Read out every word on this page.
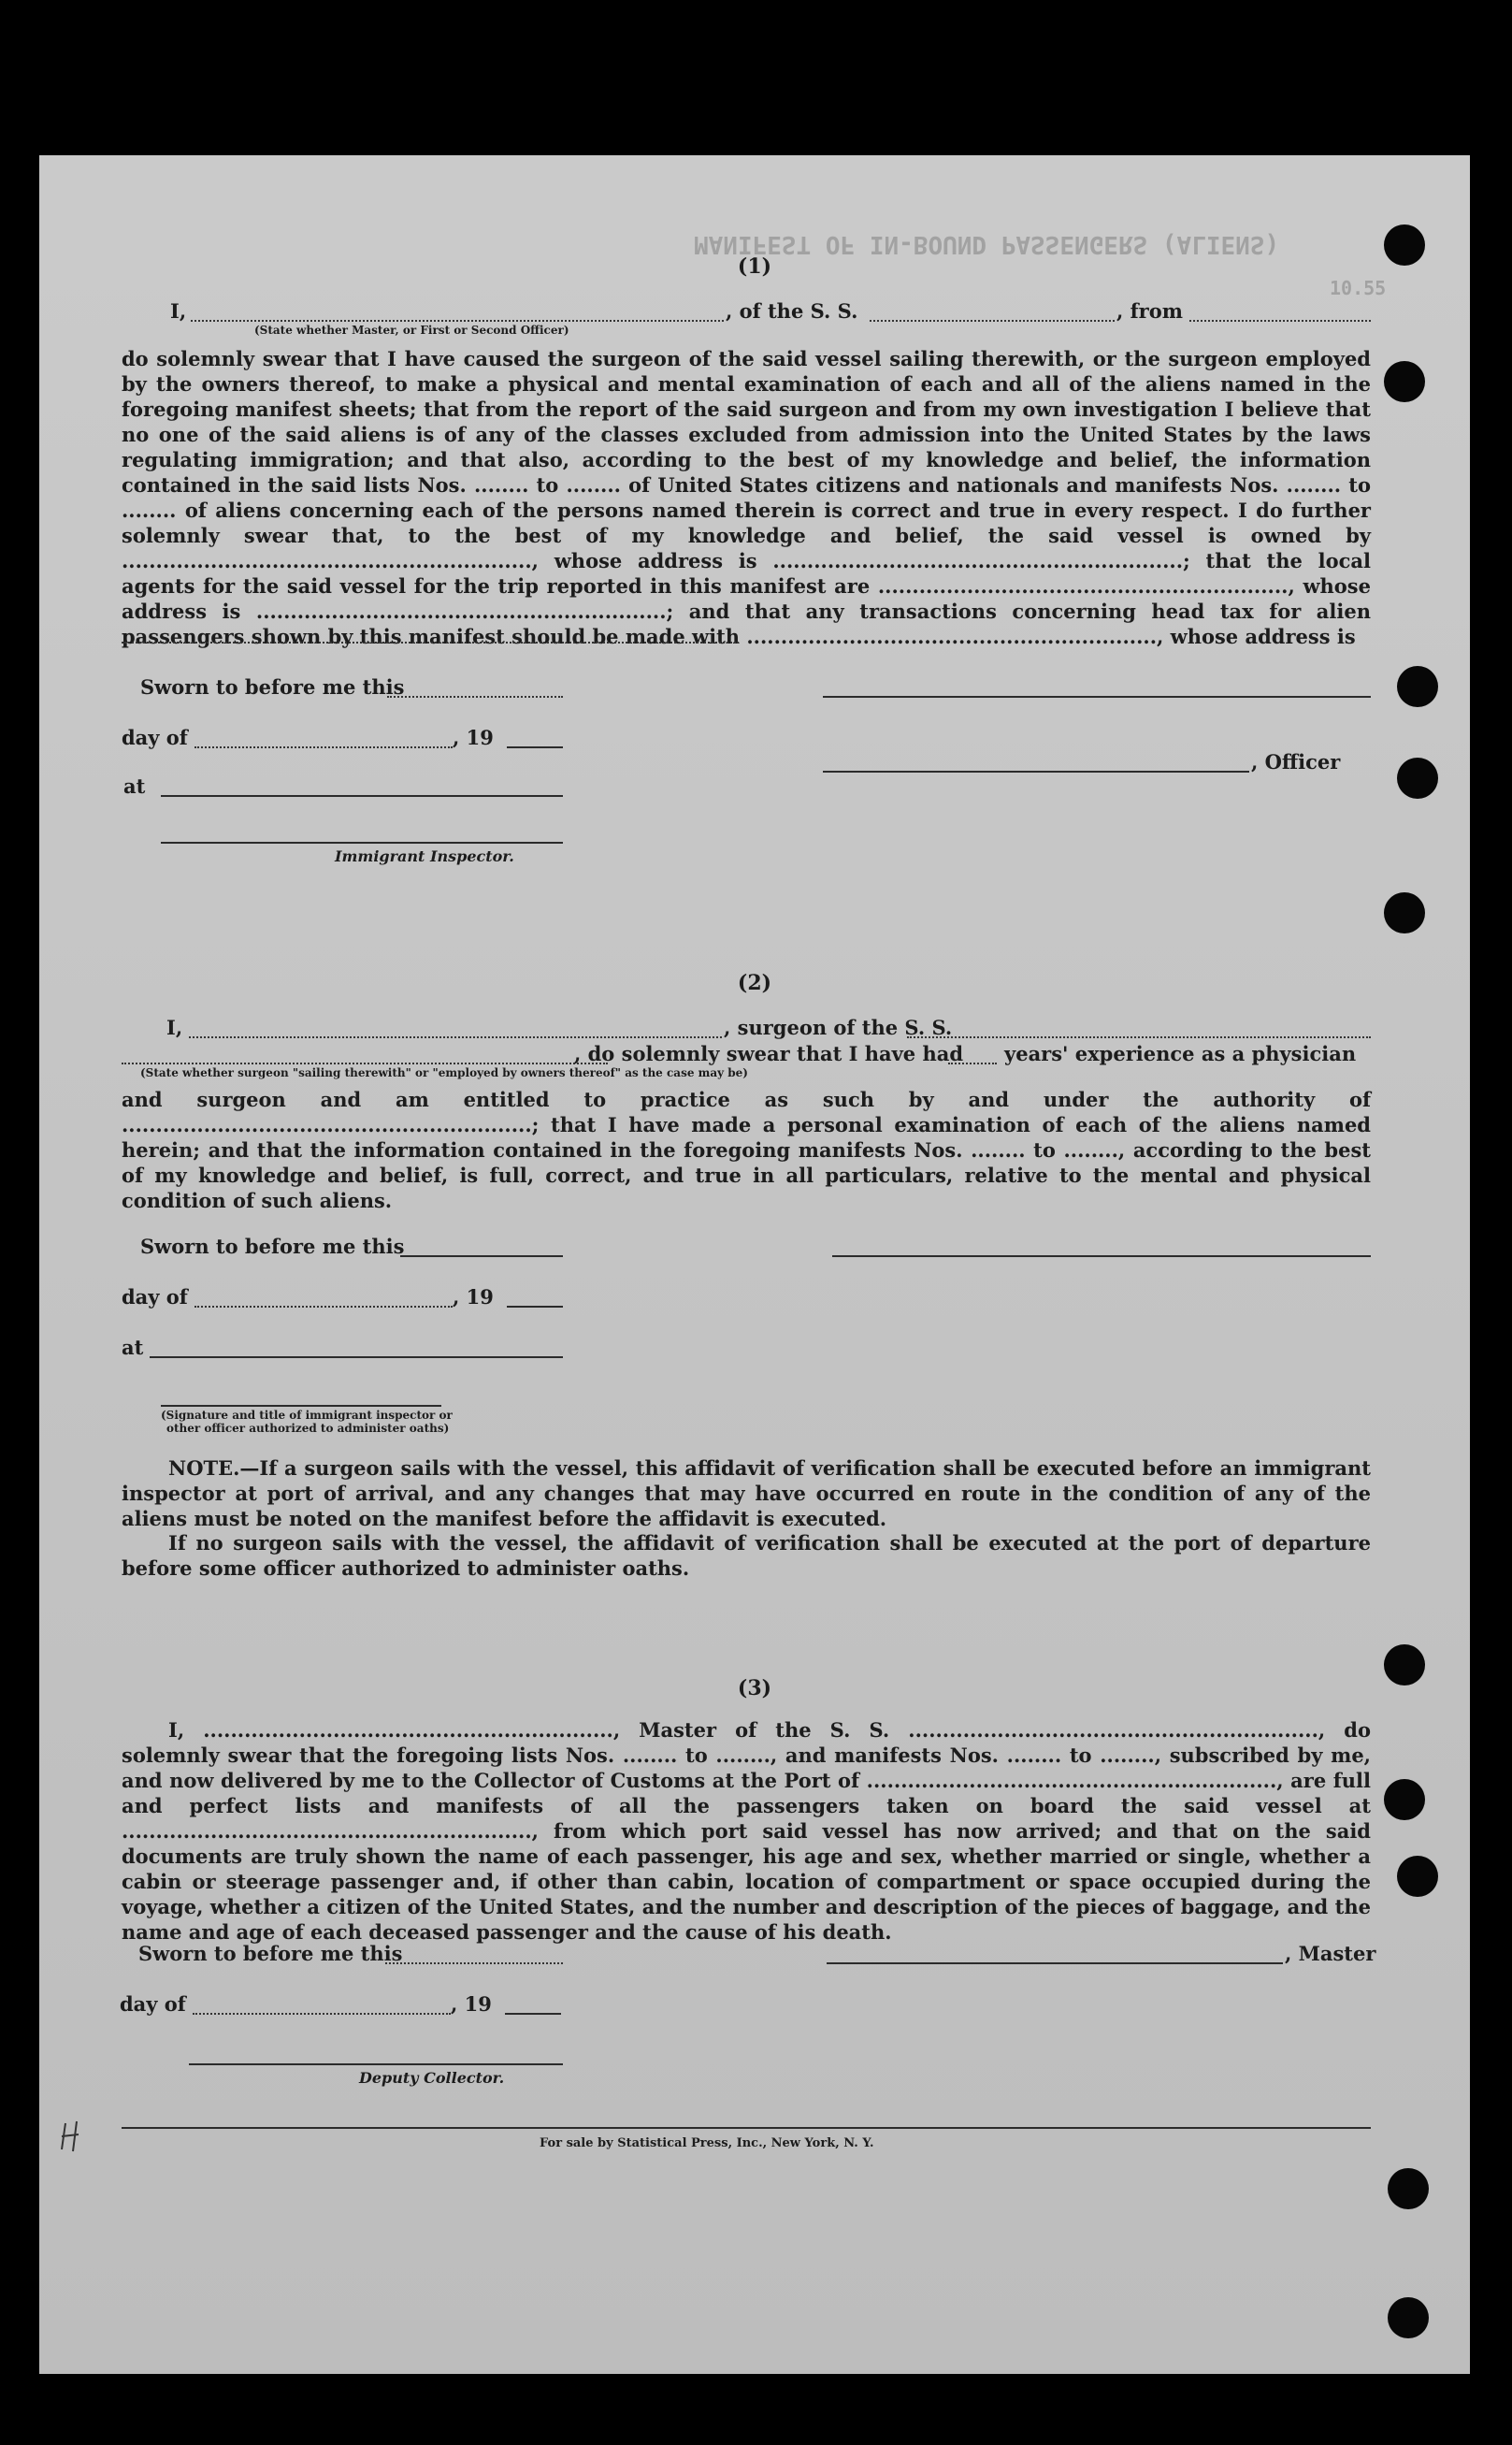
MANIFEST OF IN-BOUND PASSENGERS (ALIENS)
10.55
(1)
I,	, of the S. S.	, from
(State whether Master, or First or Second Officer)
do solemnly swear that I have caused the surgeon of the said vessel sailing therewith, or the surgeon employed by the owners thereof, to make a physical and mental examination of each and all of the aliens named in the foregoing manifest sheets; that from the report of the said surgeon and from my own investigation I believe that no one of the said aliens is of any of the classes excluded from admission into the United States by the laws regulating immigration; and that also, according to the best of my knowledge and belief, the information contained in the said lists Nos. ........ to ........ of United States citizens and nationals and manifests Nos. ........ to ........ of aliens concerning each of the persons named therein is correct and true in every respect. I do further solemnly swear that, to the best of my knowledge and belief, the said vessel is owned by ............................................................, whose address is ............................................................; that the local agents for the said vessel for the trip reported in this manifest are ............................................................, whose address is ............................................................; and that any transactions concerning head tax for alien passengers shown by this manifest should be made with ............................................................, whose address is
Sworn to before me this
day of	, 19
at
Immigrant Inspector.
, Officer
(2)
I,	, surgeon of the S. S.
, do solemnly swear that I have had years' experience as a physician
(State whether surgeon "sailing therewith" or "employed by owners thereof" as the case may be)
and surgeon and am entitled to practice as such by and under the authority of ............................................................; that I have made a personal examination of each of the aliens named herein; and that the information contained in the foregoing manifests Nos. ........ to ........, according to the best of my knowledge and belief, is full, correct, and true in all particulars, relative to the mental and physical condition of such aliens.
Sworn to before me this
day of	, 19
at
(Signature and title of immigrant inspector or
other officer authorized to administer oaths)
NOTE.—If a surgeon sails with the vessel, this affidavit of verification shall be executed before an immigrant inspector at port of arrival, and any changes that may have occurred en route in the condition of any of the aliens must be noted on the manifest before the affidavit is executed.
If no surgeon sails with the vessel, the affidavit of verification shall be executed at the port of departure before some officer authorized to administer oaths.
(3)
I, ............................................................, Master of the S. S. ............................................................, do solemnly swear that the foregoing lists Nos. ........ to ........, and manifests Nos. ........ to ........, subscribed by me, and now delivered by me to the Collector of Customs at the Port of ............................................................, are full and perfect lists and manifests of all the passengers taken on board the said vessel at ............................................................, from which port said vessel has now arrived; and that on the said documents are truly shown the name of each passenger, his age and sex, whether married or single, whether a cabin or steerage passenger and, if other than cabin, location of compartment or space occupied during the voyage, whether a citizen of the United States, and the number and description of the pieces of baggage, and the name and age of each deceased passenger and the cause of his death.
Sworn to before me this	, Master
day of	, 19
Deputy Collector.
For sale by Statistical Press, Inc., New York, N. Y.
